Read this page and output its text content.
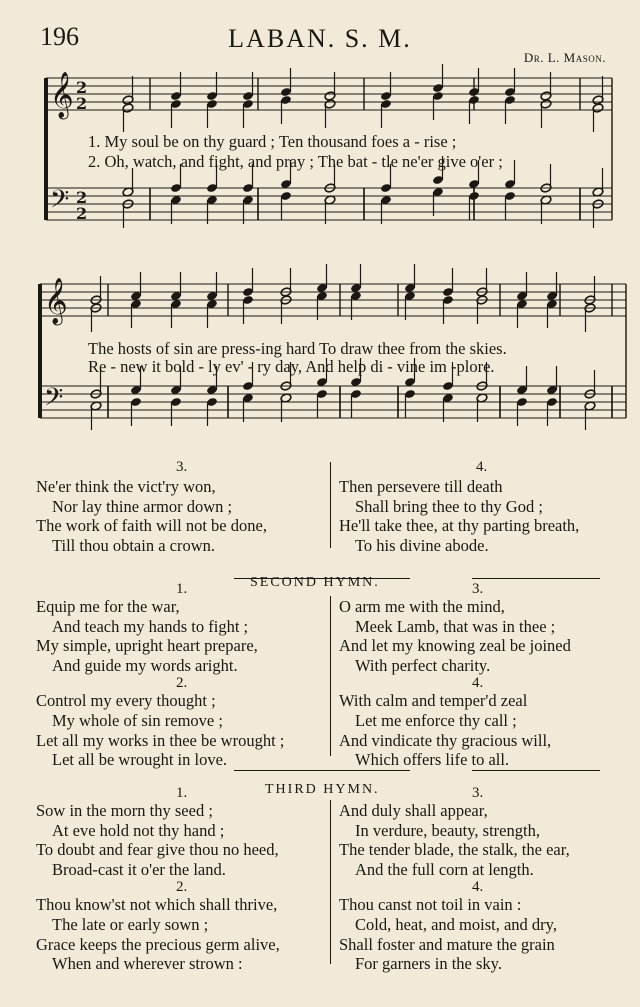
196	LABAN. S. M.
Dr. L. Mason.
𝄞
𝄢
2
2
2
2
𝄞
𝄢
1. My soul be on thy guard ; Ten thousand foes a - rise ;
2. Oh, watch, and fight, and pray ; The bat - tle ne'er give o'er ;
The hosts of sin are press-ing hard To draw thee from the skies.
Re - new it bold - ly ev' - ry day, And help di - vine im -plore.
3.	4.
Ne'er think the vict'ry won,
Nor lay thine armor down ;
The work of faith will not be done,
Till thou obtain a crown.
Then persevere till death
Shall bring thee to thy God ;
He'll take thee, at thy parting breath,
To his divine abode.
SECOND HYMN.
1.
Equip me for the war,
And teach my hands to fight ;
My simple, upright heart prepare,
And guide my words aright.
2.
Control my every thought ;
My whole of sin remove ;
Let all my works in thee be wrought ;
Let all be wrought in love.
3.
O arm me with the mind,
Meek Lamb, that was in thee ;
And let my knowing zeal be joined
With perfect charity.
4.
With calm and temper'd zeal
Let me enforce thy call ;
And vindicate thy gracious will,
Which offers life to all.
THIRD HYMN.
1.
Sow in the morn thy seed ;
At eve hold not thy hand ;
To doubt and fear give thou no heed,
Broad-cast it o'er the land.
2.
Thou know'st not which shall thrive,
The late or early sown ;
Grace keeps the precious germ alive,
When and wherever strown :
3.
And duly shall appear,
In verdure, beauty, strength,
The tender blade, the stalk, the ear,
And the full corn at length.
4.
Thou canst not toil in vain :
Cold, heat, and moist, and dry,
Shall foster and mature the grain
For garners in the sky.
